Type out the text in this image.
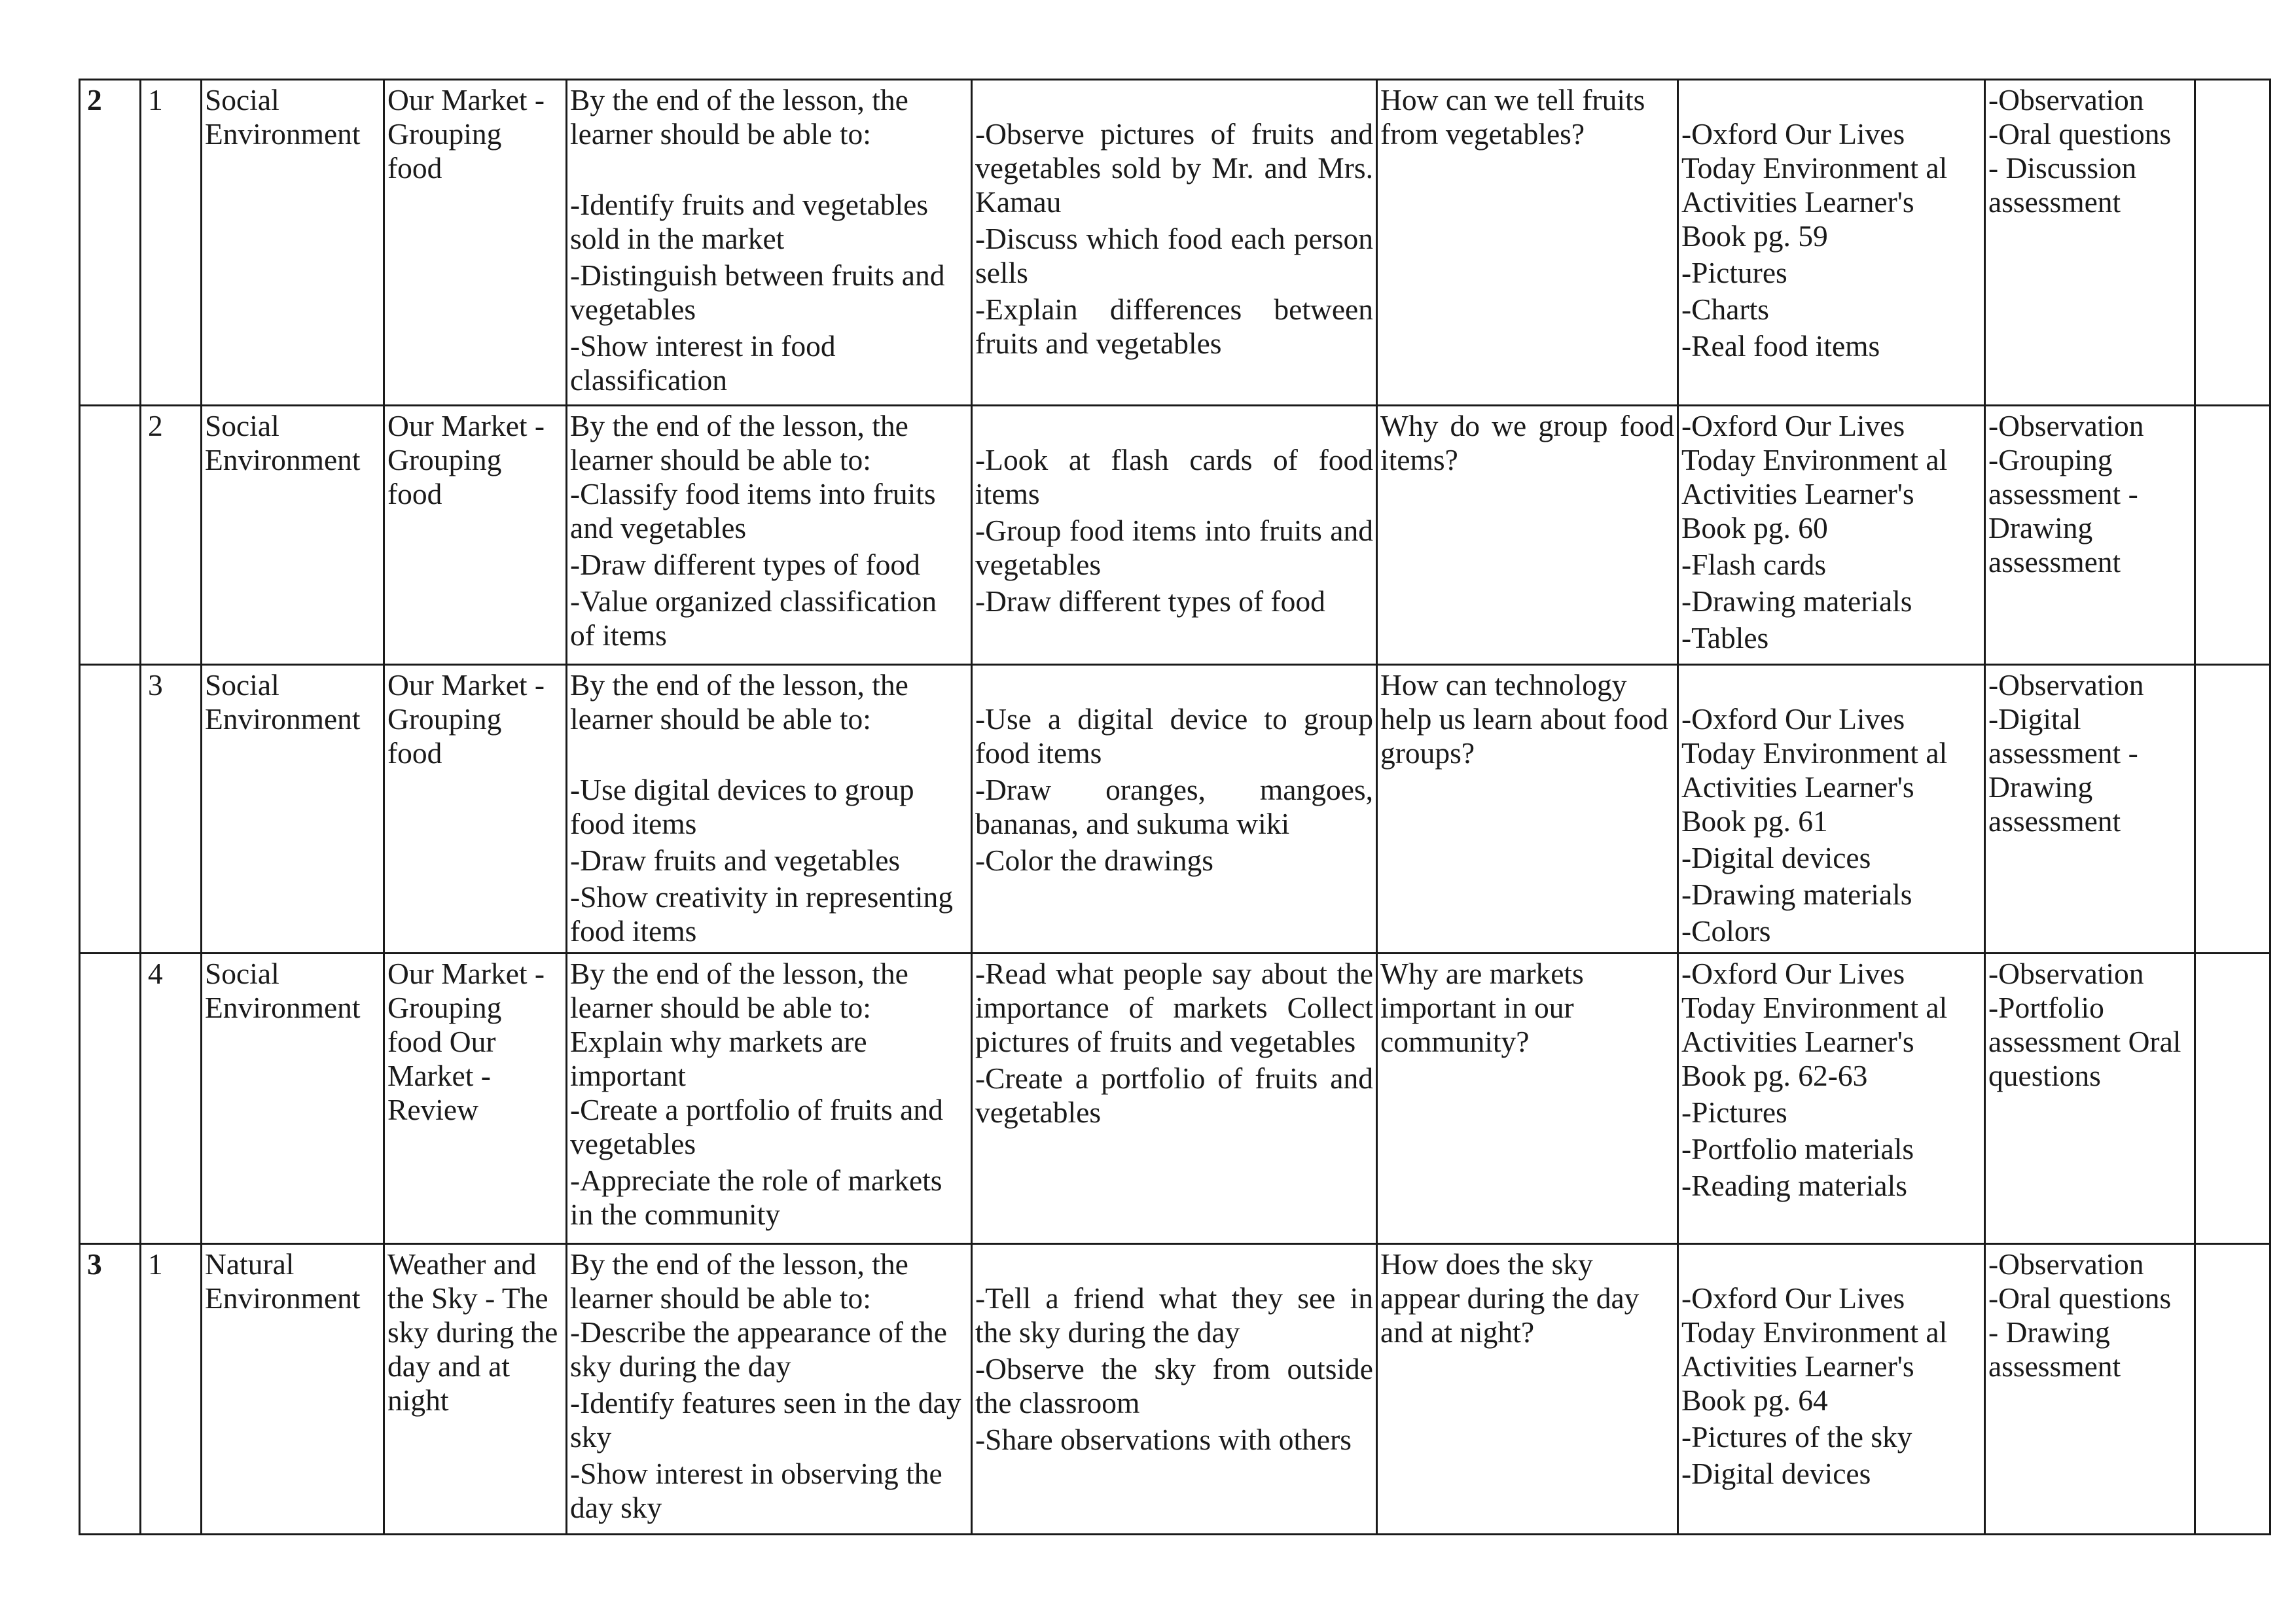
2	1	Social Environment	Our Market - Grouping food	By the end of the lesson, the learner should be able to:
-Identify fruits and vegetables sold in the market
-Distinguish between fruits and vegetables
-Show interest in food classification	-Observe pictures of fruits and vegetables sold by Mr. and Mrs. Kamau
-Discuss which food each person sells
-Explain differences between fruits and vegetables	How can we tell fruits from vegetables?	-Oxford Our Lives Today Environment al Activities Learner's Book pg. 59
-Pictures
-Charts
-Real food items	-Observation
-Oral questions
- Discussion assessment	

	2	Social Environment	Our Market - Grouping food	By the end of the lesson, the learner should be able to:
-Classify food items into fruits and vegetables
-Draw different types of food
-Value organized classification of items	-Look at flash cards of food items
-Group food items into fruits and vegetables
-Draw different types of food	Why do we group food items?	-Oxford Our Lives Today Environment al Activities Learner's Book pg. 60
-Flash cards
-Drawing materials
-Tables	-Observation
-Grouping assessment - Drawing assessment	

	3	Social Environment	Our Market - Grouping food	By the end of the lesson, the learner should be able to:
-Use digital devices to group food items
-Draw fruits and vegetables
-Show creativity in representing food items	-Use a digital device to group food items
-Draw oranges, mangoes, bananas, and sukuma wiki
-Color the drawings	How can technology help us learn about food groups?	-Oxford Our Lives Today Environment al Activities Learner's Book pg. 61
-Digital devices
-Drawing materials
-Colors	-Observation
-Digital assessment - Drawing assessment	

	4	Social Environment	Our Market - Grouping food Our Market - Review	By the end of the lesson, the learner should be able to: Explain why markets are important
-Create a portfolio of fruits and vegetables
-Appreciate the role of markets in the community	-Read what people say about the importance of markets Collect pictures of fruits and vegetables
-Create a portfolio of fruits and vegetables	Why are markets important in our community?	-Oxford Our Lives Today Environment al Activities Learner's Book pg. 62-63
-Pictures
-Portfolio materials
-Reading materials	-Observation
-Portfolio assessment Oral questions	

3	1	Natural Environment	Weather and the Sky - The sky during the day and at night	By the end of the lesson, the learner should be able to:
-Describe the appearance of the sky during the day
-Identify features seen in the day sky
-Show interest in observing the day sky	-Tell a friend what they see in the sky during the day
-Observe the sky from outside the classroom
-Share observations with others	How does the sky appear during the day and at night?	-Oxford Our Lives Today Environment al Activities Learner's Book pg. 64
-Pictures of the sky
-Digital devices	-Observation
-Oral questions
- Drawing assessment	
